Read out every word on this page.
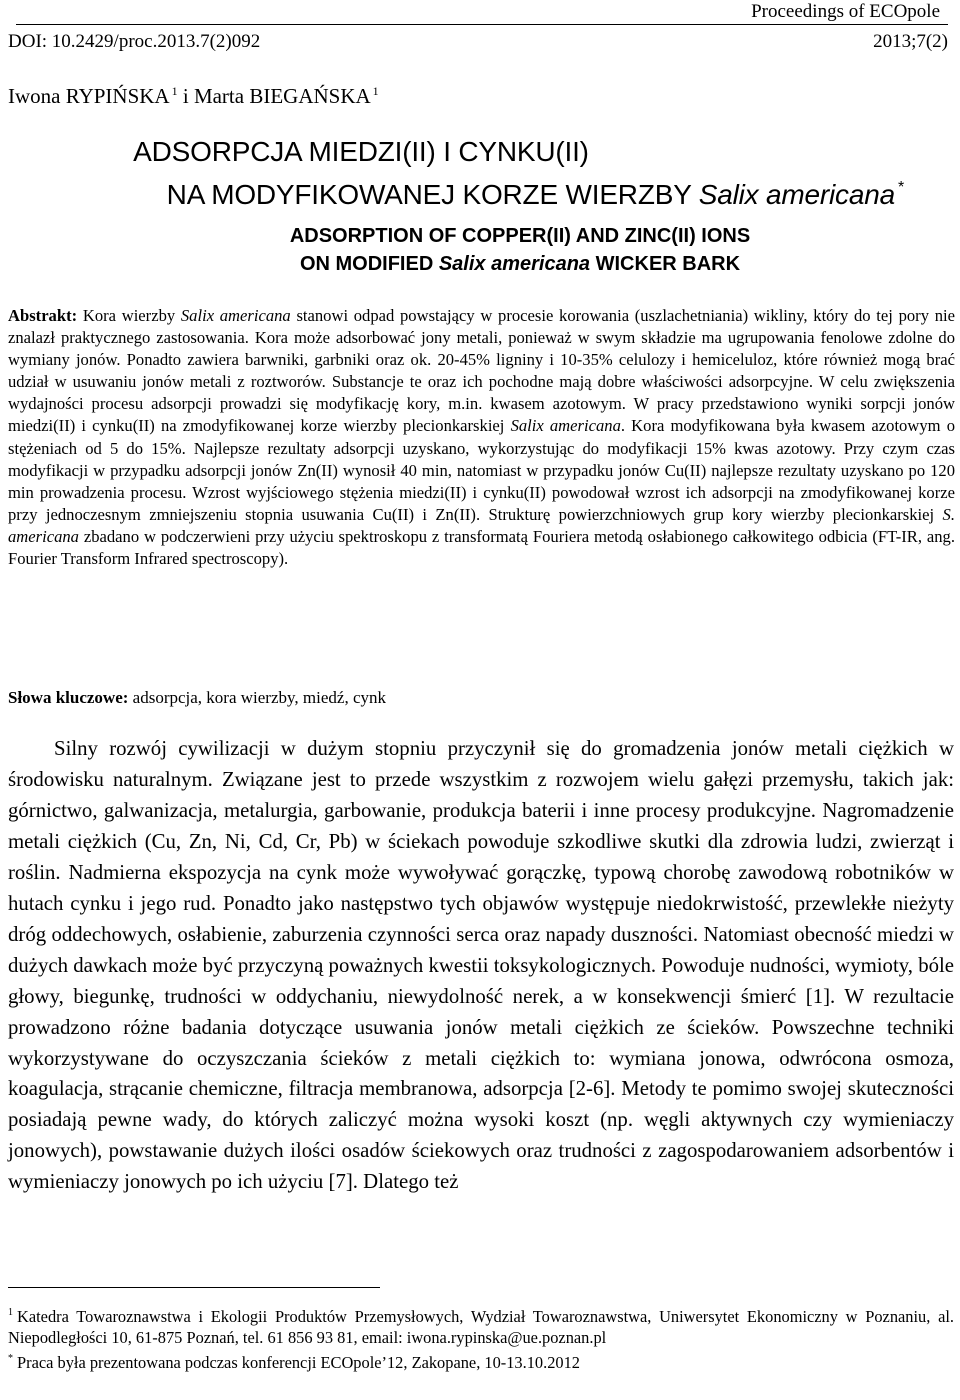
Proceedings of ECOpole
DOI: 10.2429/proc.2013.7(2)092	2013;7(2)
Iwona RYPIŃSKA $^1$ i Marta BIEGAŃSKA $^1$
ADSORPCJA MIEDZI(II) I CYNKU(II)
NA MODYFIKOWANEJ KORZE WIERZBY Salix americana *
ADSORPTION OF COPPER(II) AND ZINC(II) IONS
ON MODIFIED Salix americana WICKER BARK

Abstrakt: Kora wierzby Salix americana stanowi odpad powstający w procesie korowania (uszlachetniania) wikliny, który do tej pory nie znalazł praktycznego zastosowania. Kora może adsorbować jony metali, ponieważ w swym składzie ma ugrupowania fenolowe zdolne do wymiany jonów. Ponadto zawiera barwniki, garbniki oraz ok. 20-45% ligniny i 10-35% celulozy i hemiceluloz, które również mogą brać udział w usuwaniu jonów metali z roztworów. Substancje te oraz ich pochodne mają dobre właściwości adsorpcyjne. W celu zwiększenia wydajności procesu adsorpcji prowadzi się modyfikację kory, m.in. kwasem azotowym. W pracy przedstawiono wyniki sorpcji jonów miedzi(II) i cynku(II) na zmodyfikowanej korze wierzby plecionkarskiej Salix americana. Kora modyfikowana była kwasem azotowym o stężeniach od 5 do 15%. Najlepsze rezultaty adsorpcji uzyskano, wykorzystując do modyfikacji 15% kwas azotowy. Przy czym czas modyfikacji w przypadku adsorpcji jonów Zn(II) wynosił 40 min, natomiast w przypadku jonów Cu(II) najlepsze rezultaty uzyskano po 120 min prowadzenia procesu. Wzrost wyjściowego stężenia miedzi(II) i cynku(II) powodował wzrost ich adsorpcji na zmodyfikowanej korze przy jednoczesnym zmniejszeniu stopnia usuwania Cu(II) i Zn(II). Strukturę powierzchniowych grup kory wierzby plecionkarskiej S. americana zbadano w podczerwieni przy użyciu spektroskopu z transformatą Fouriera metodą osłabionego całkowitego odbicia (FT-IR, ang. Fourier Transform Infrared spectroscopy).

Słowa kluczowe: adsorpcja, kora wierzby, miedź, cynk

Silny rozwój cywilizacji w dużym stopniu przyczynił się do gromadzenia jonów metali ciężkich w środowisku naturalnym. Związane jest to przede wszystkim z rozwojem wielu gałęzi przemysłu, takich jak: górnictwo, galwanizacja, metalurgia, garbowanie, produkcja baterii i inne procesy produkcyjne. Nagromadzenie metali ciężkich (Cu, Zn, Ni, Cd, Cr, Pb) w ściekach powoduje szkodliwe skutki dla zdrowia ludzi, zwierząt i roślin. Nadmierna ekspozycja na cynk może wywoływać gorączkę, typową chorobę zawodową robotników w hutach cynku i jego rud. Ponadto jako następstwo tych objawów występuje niedokrwistość, przewlekłe nieżyty dróg oddechowych, osłabienie, zaburzenia czynności serca oraz napady duszności. Natomiast obecność miedzi w dużych dawkach może być przyczyną poważnych kwestii toksykologicznych. Powoduje nudności, wymioty, bóle głowy, biegunkę, trudności w oddychaniu, niewydolność nerek, a w konsekwencji śmierć [1]. W rezultacie prowadzono różne badania dotyczące usuwania jonów metali ciężkich ze ścieków. Powszechne techniki wykorzystywane do oczyszczania ścieków z metali ciężkich to: wymiana jonowa, odwrócona osmoza, koagulacja, strącanie chemiczne, filtracja membranowa, adsorpcja [2-6]. Metody te pomimo swojej skuteczności posiadają pewne wady, do których zaliczyć można wysoki koszt (np. węgli aktywnych czy wymieniaczy jonowych), powstawanie dużych ilości osadów ściekowych oraz trudności z zagospodarowaniem adsorbentów i wymieniaczy jonowych po ich użyciu [7]. Dlatego też

$^1$ Katedra Towaroznawstwa i Ekologii Produktów Przemysłowych, Wydział Towaroznawstwa, Uniwersytet Ekonomiczny w Poznaniu, al. Niepodległości 10, 61-875 Poznań, tel. 61 856 93 81, email: iwona.rypinska@ue.poznan.pl

* Praca była prezentowana podczas konferencji ECOpole’12, Zakopane, 10-13.10.2012
